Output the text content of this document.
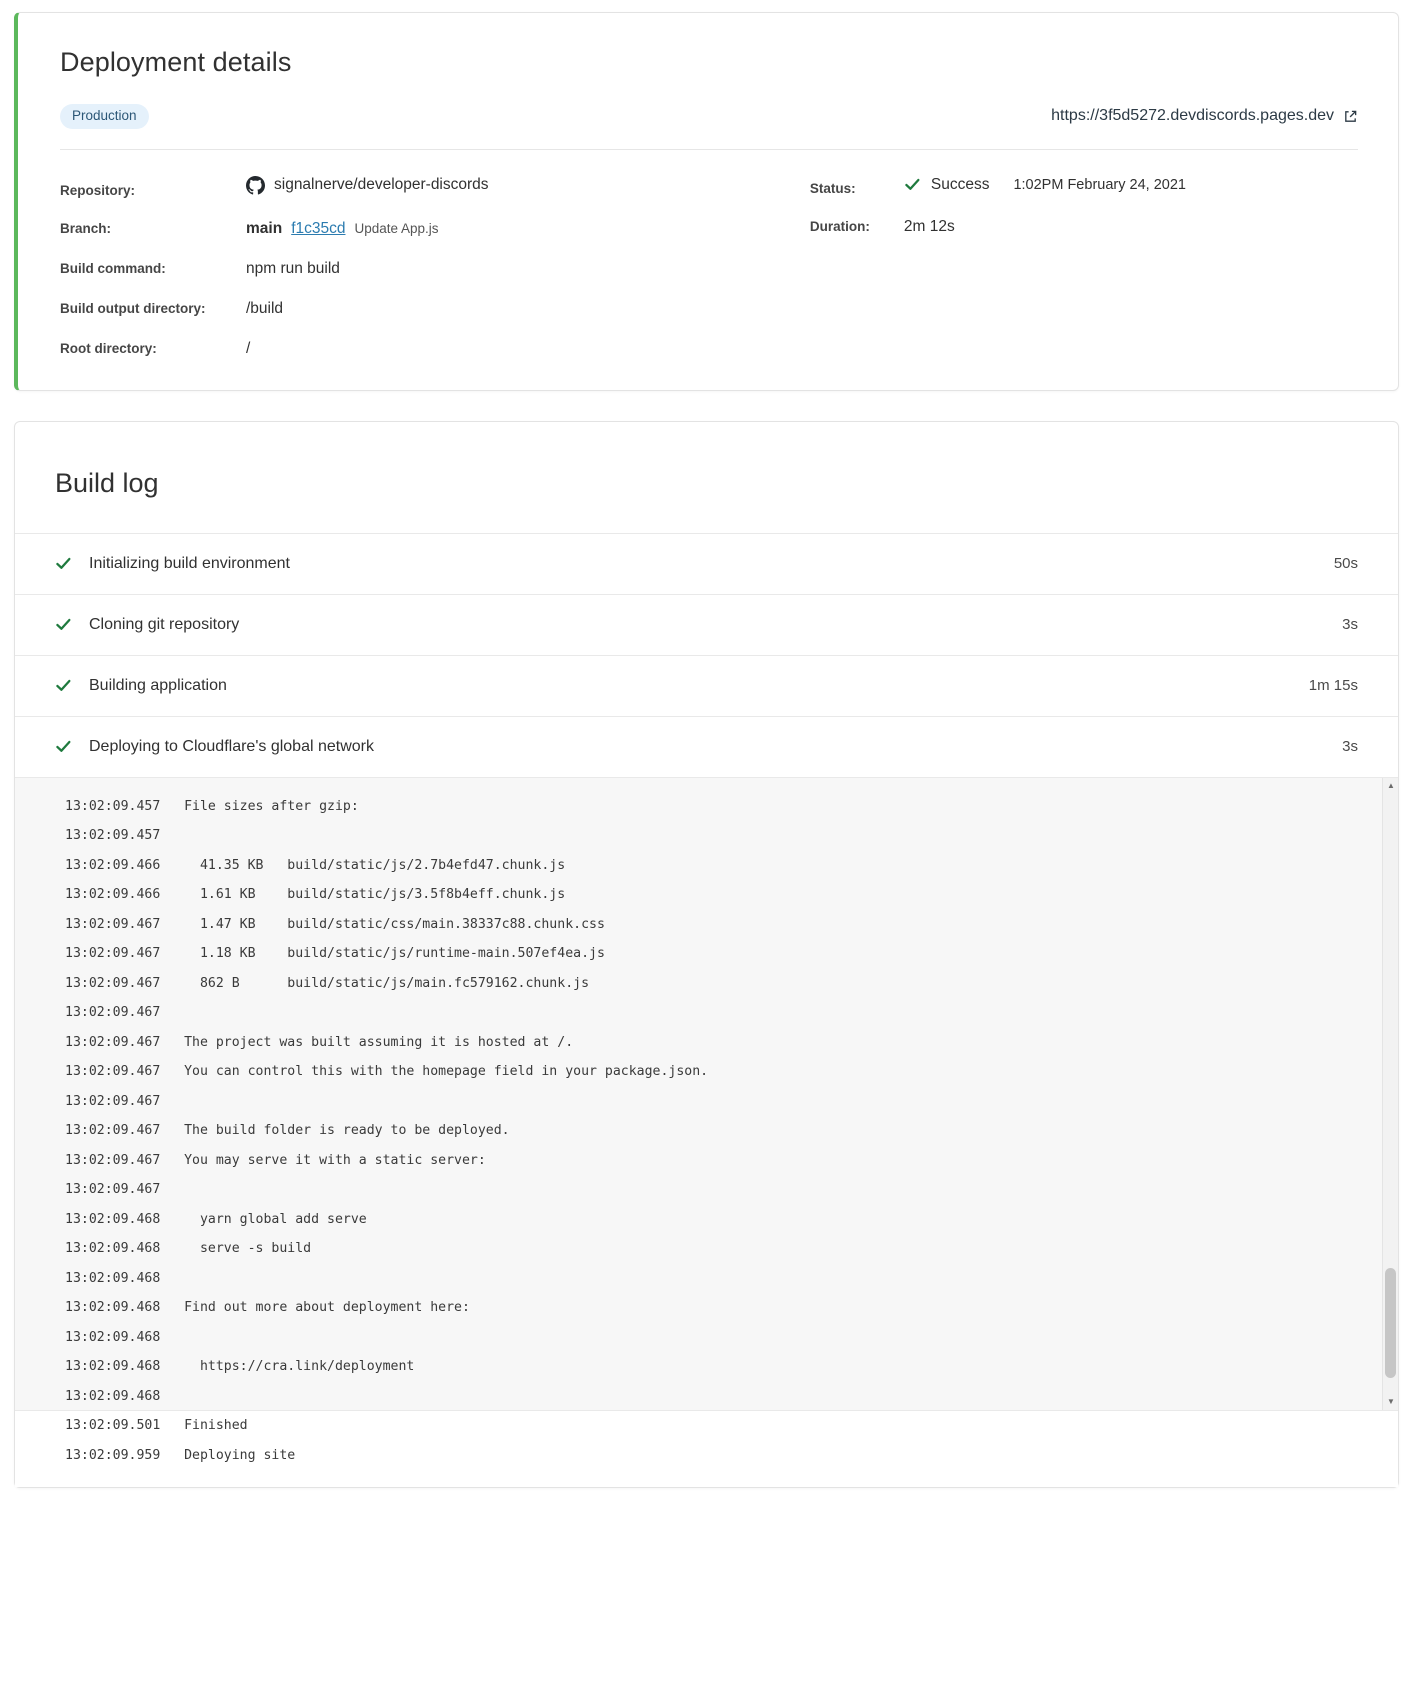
Deployment details
Production	https://3f5d5272.devdiscords.pages.dev
Repository:	signalnerve/developer-discords
Branch:	main f1c35cd Update App.js
Build command:	npm run build
Build output directory:	/build
Root directory:	/
Status:	Success 1:02PM February 24, 2021
Duration:	2m 12s
Build log
Initializing build environment	50s
Cloning git repository	3s
Building application	1m 15s
Deploying to Cloudflare's global network	3s
13:02:09.457   File sizes after gzip:
13:02:09.457
13:02:09.466     41.35 KB   build/static/js/2.7b4efd47.chunk.js
13:02:09.466     1.61 KB    build/static/js/3.5f8b4eff.chunk.js
13:02:09.467     1.47 KB    build/static/css/main.38337c88.chunk.css
13:02:09.467     1.18 KB    build/static/js/runtime-main.507ef4ea.js
13:02:09.467     862 B      build/static/js/main.fc579162.chunk.js
13:02:09.467
13:02:09.467   The project was built assuming it is hosted at /.
13:02:09.467   You can control this with the homepage field in your package.json.
13:02:09.467
13:02:09.467   The build folder is ready to be deployed.
13:02:09.467   You may serve it with a static server:
13:02:09.467
13:02:09.468     yarn global add serve
13:02:09.468     serve -s build
13:02:09.468
13:02:09.468   Find out more about deployment here:
13:02:09.468
13:02:09.468     https://cra.link/deployment
13:02:09.468
13:02:09.501   Finished
13:02:09.959   Deploying site
▲
▼
